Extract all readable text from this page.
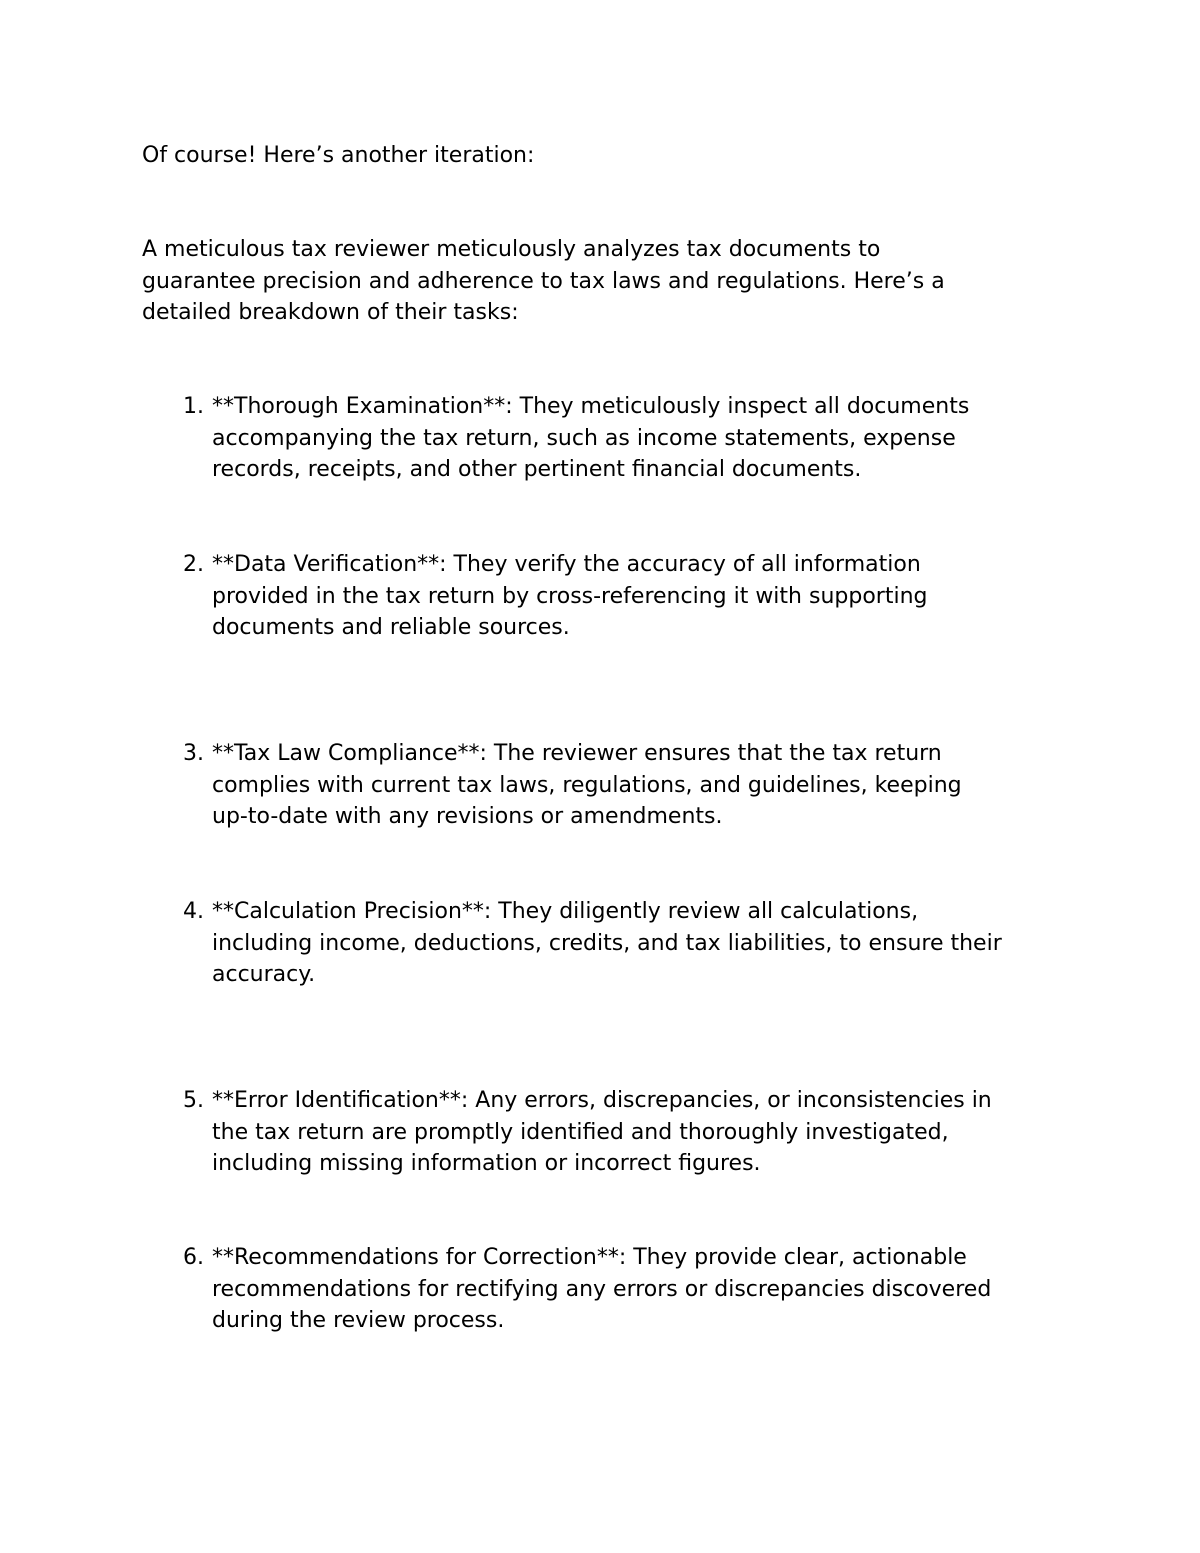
Of course! Here’s another iteration:

A meticulous tax reviewer meticulously analyzes tax documents to
guarantee precision and adherence to tax laws and regulations. Here’s a
detailed breakdown of their tasks:

1. **Thorough Examination**: They meticulously inspect all documents
accompanying the tax return, such as income statements, expense
records, receipts, and other pertinent financial documents.
2. **Data Verification**: They verify the accuracy of all information
provided in the tax return by cross-referencing it with supporting
documents and reliable sources.
3. **Tax Law Compliance**: The reviewer ensures that the tax return
complies with current tax laws, regulations, and guidelines, keeping
up-to-date with any revisions or amendments.
4. **Calculation Precision**: They diligently review all calculations,
including income, deductions, credits, and tax liabilities, to ensure their
accuracy.
5. **Error Identification**: Any errors, discrepancies, or inconsistencies in
the tax return are promptly identified and thoroughly investigated,
including missing information or incorrect figures.
6. **Recommendations for Correction**: They provide clear, actionable
recommendations for rectifying any errors or discrepancies discovered
during the review process.
